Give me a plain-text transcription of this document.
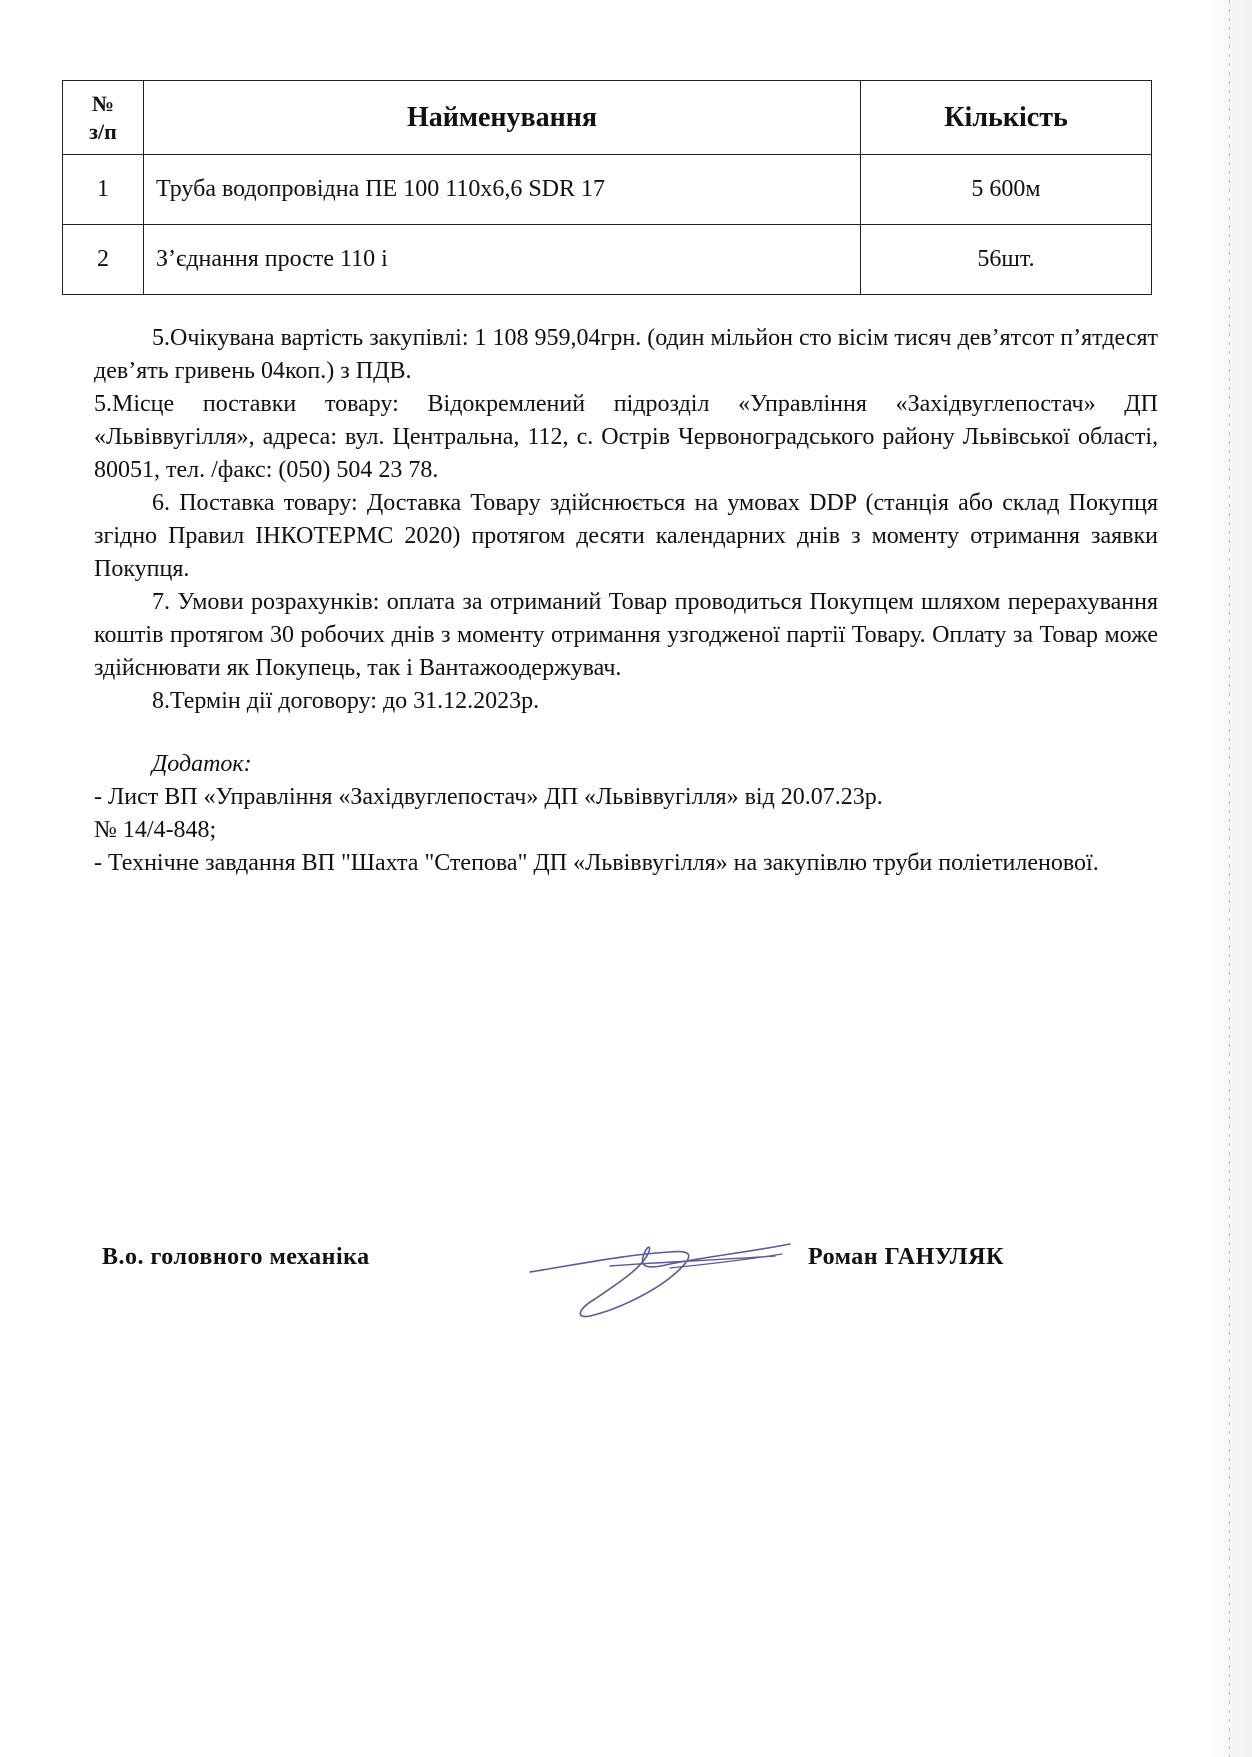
№
з/п	Найменування	Кількість
1	Труба водопровідна ПЕ 100 110х6,6 SDR 17	5 600м
2	З’єднання просте 110 і	56шт.

5.Очікувана вартість закупівлі: 1 108 959,04грн. (один мільйон сто вісім тисяч дев’ятсот п’ятдесят дев’ять гривень 04коп.) з ПДВ.

5.Місце поставки товару: Відокремлений підрозділ «Управління «Західвуглепостач» ДП «Львіввугілля», адреса: вул. Центральна, 112, с. Острів Червоноградського району Львівської області, 80051, тел. /факс: (050) 504 23 78.

6. Поставка товару: Доставка Товару здійснюється на умовах DDP (станція або склад Покупця згідно Правил ІНКОТЕРМС 2020) протягом десяти календарних днів з моменту отримання заявки Покупця.

7. Умови розрахунків: оплата за отриманий Товар проводиться Покупцем шляхом перерахування коштів протягом 30 робочих днів з моменту отримання узгодженої партії Товару. Оплату за Товар може здійснювати як Покупець, так і Вантажоодержувач.

8.Термін дії договору: до 31.12.2023р.

Додаток:

- Лист ВП «Управління «Західвуглепостач» ДП «Львіввугілля» від 20.07.23р.

№ 14/4-848;

- Технічне завдання ВП "Шахта "Степова" ДП «Львіввугілля» на закупівлю труби поліетиленової.

В.о. головного механіка	Роман ГАНУЛЯК
